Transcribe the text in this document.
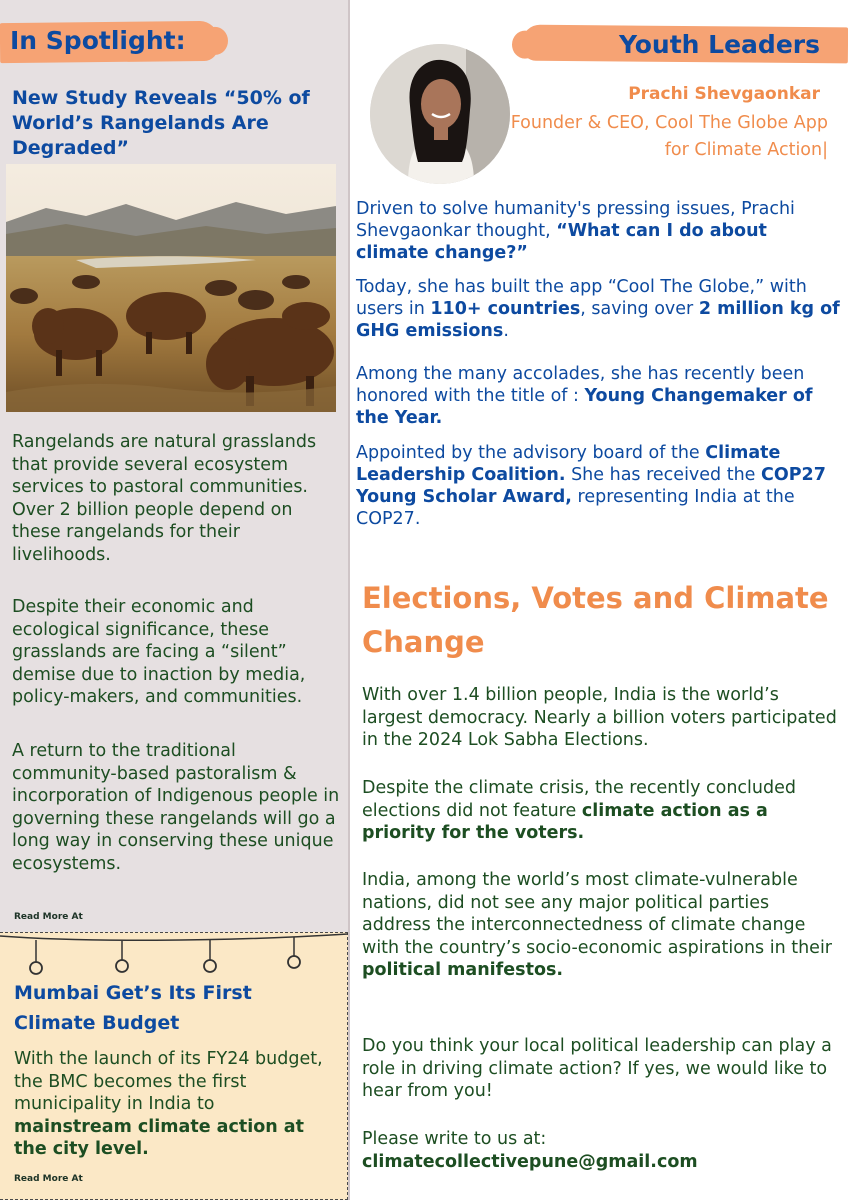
In Spotlight:	Youth Leaders
New Study Reveals “50% of World’s Rangelands Are Degraded”
Rangelands are natural grasslands that provide several ecosystem services to pastoral communities. Over 2 billion people depend on these rangelands for their livelihoods.
Despite their economic and ecological significance, these grasslands are facing a “silent” demise due to inaction by media, policy-makers, and communities.
A return to the traditional community-based pastoralism & incorporation of Indigenous people in governing these rangelands will go a long way in conserving these unique ecosystems.
Read More At
Mumbai Get’s Its First Climate Budget
With the launch of its FY24 budget, the BMC becomes the first municipality in India to mainstream climate action at the city level.
Read More At
Prachi Shevgaonkar
Founder & CEO, Cool The Globe App for Climate Action|
Driven to solve humanity's pressing issues, Prachi Shevgaonkar thought, “What can I do about climate change?”
Today, she has built the app “Cool The Globe,” with users in 110+ countries, saving over 2 million kg of GHG emissions.
Among the many accolades, she has recently been honored with the title of : Young Changemaker of the Year.
Appointed by the advisory board of the Climate Leadership Coalition. She has received the COP27 Young Scholar Award, representing India at the COP27.
Elections, Votes and Climate Change
With over 1.4 billion people, India is the world’s largest democracy. Nearly a billion voters participated in the 2024 Lok Sabha Elections.
Despite the climate crisis, the recently concluded elections did not feature climate action as a priority for the voters.
India, among the world’s most climate-vulnerable nations, did not see any major political parties address the interconnectedness of climate change with the country’s socio-economic aspirations in their political manifestos.
Do you think your local political leadership can play a role in driving climate action? If yes, we would like to hear from you!
Please write to us at:
climatecollectivepune@gmail.com
